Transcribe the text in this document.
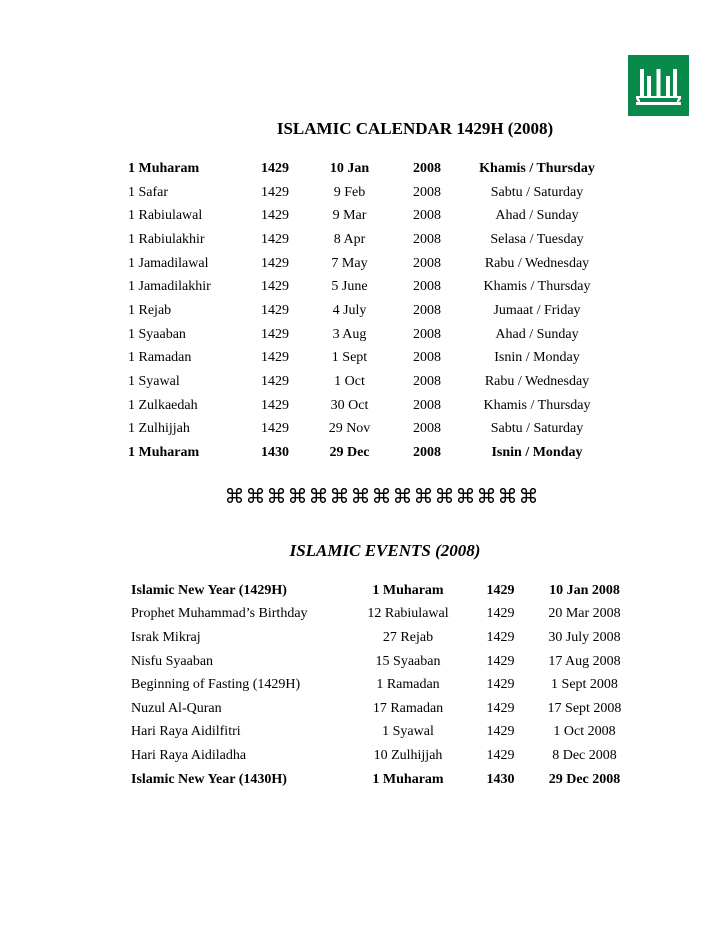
ISLAMIC CALENDAR 1429H (2008)
1 Muharam	1429	10 Jan	2008	Khamis / Thursday
1 Safar	1429	9 Feb	2008	Sabtu / Saturday
1 Rabiulawal	1429	9 Mar	2008	Ahad / Sunday
1 Rabiulakhir	1429	8 Apr	2008	Selasa / Tuesday
1 Jamadilawal	1429	7 May	2008	Rabu / Wednesday
1 Jamadilakhir	1429	5 June	2008	Khamis / Thursday
1 Rejab	1429	4 July	2008	Jumaat / Friday
1 Syaaban	1429	3 Aug	2008	Ahad / Sunday
1 Ramadan	1429	1 Sept	2008	Isnin / Monday
1 Syawal	1429	1 Oct	2008	Rabu / Wednesday
1 Zulkaedah	1429	30 Oct	2008	Khamis / Thursday
1 Zulhijjah	1429	29 Nov	2008	Sabtu / Saturday
1 Muharam	1430	29 Dec	2008	Isnin / Monday
⌘⌘⌘⌘⌘⌘⌘⌘⌘⌘⌘⌘⌘⌘⌘
ISLAMIC EVENTS (2008)
Islamic New Year (1429H)	1 Muharam	1429	10 Jan 2008
Prophet Muhammad’s Birthday	12 Rabiulawal	1429	20 Mar 2008
Israk Mikraj	27 Rejab	1429	30 July 2008
Nisfu Syaaban	15 Syaaban	1429	17 Aug 2008
Beginning of Fasting (1429H)	1 Ramadan	1429	1 Sept 2008
Nuzul Al-Quran	17 Ramadan	1429	17 Sept 2008
Hari Raya Aidilfitri	1 Syawal	1429	1 Oct 2008
Hari Raya Aidiladha	10 Zulhijjah	1429	8 Dec 2008
Islamic New Year (1430H)	1 Muharam	1430	29 Dec 2008
